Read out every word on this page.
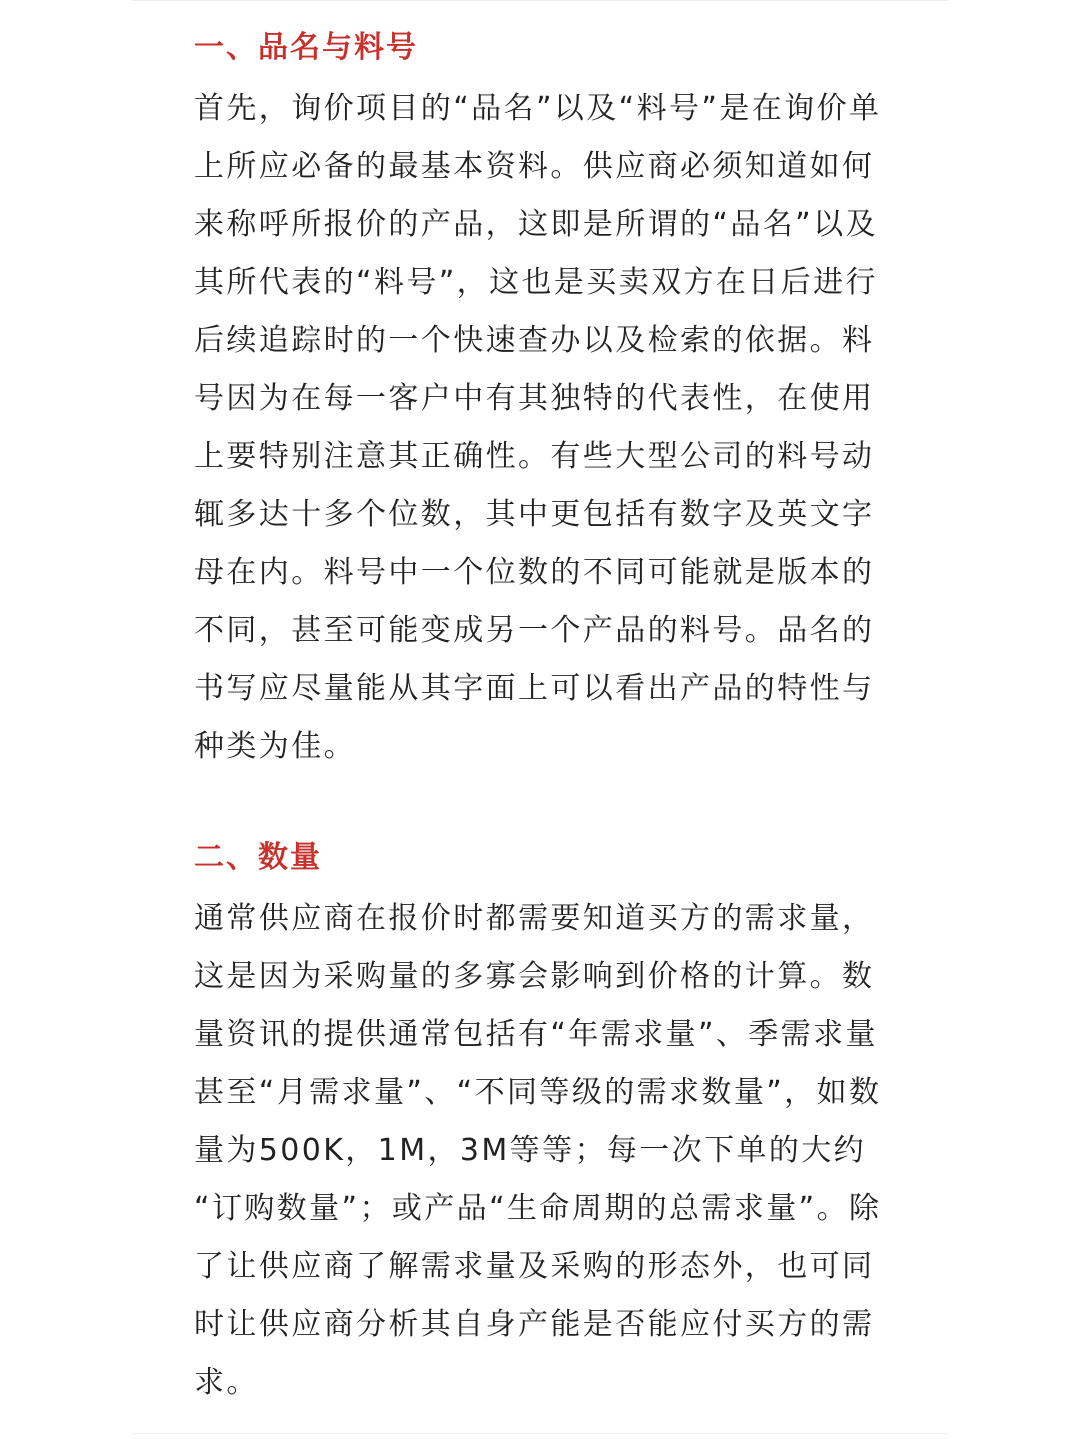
一、品名与料号
首先，询价项目的“品名”以及“料号”是在询价单
上所应必备的最基本资料。供应商必须知道如何
来称呼所报价的产品，这即是所谓的“品名”以及
其所代表的“料号”，这也是买卖双方在日后进行
后续追踪时的一个快速查办以及检索的依据。料
号因为在每一客户中有其独特的代表性，在使用
上要特别注意其正确性。有些大型公司的料号动
辄多达十多个位数，其中更包括有数字及英文字
母在内。料号中一个位数的不同可能就是版本的
不同，甚至可能变成另一个产品的料号。品名的
书写应尽量能从其字面上可以看出产品的特性与
种类为佳。
二、数量
通常供应商在报价时都需要知道买方的需求量，
这是因为采购量的多寡会影响到价格的计算。数
量资讯的提供通常包括有“年需求量”、季需求量
甚至“月需求量”、“不同等级的需求数量”，如数
量为500K，1M，3M等等；每一次下单的大约
“订购数量”；或产品“生命周期的总需求量”。除
了让供应商了解需求量及采购的形态外，也可同
时让供应商分析其自身产能是否能应付买方的需
求。
